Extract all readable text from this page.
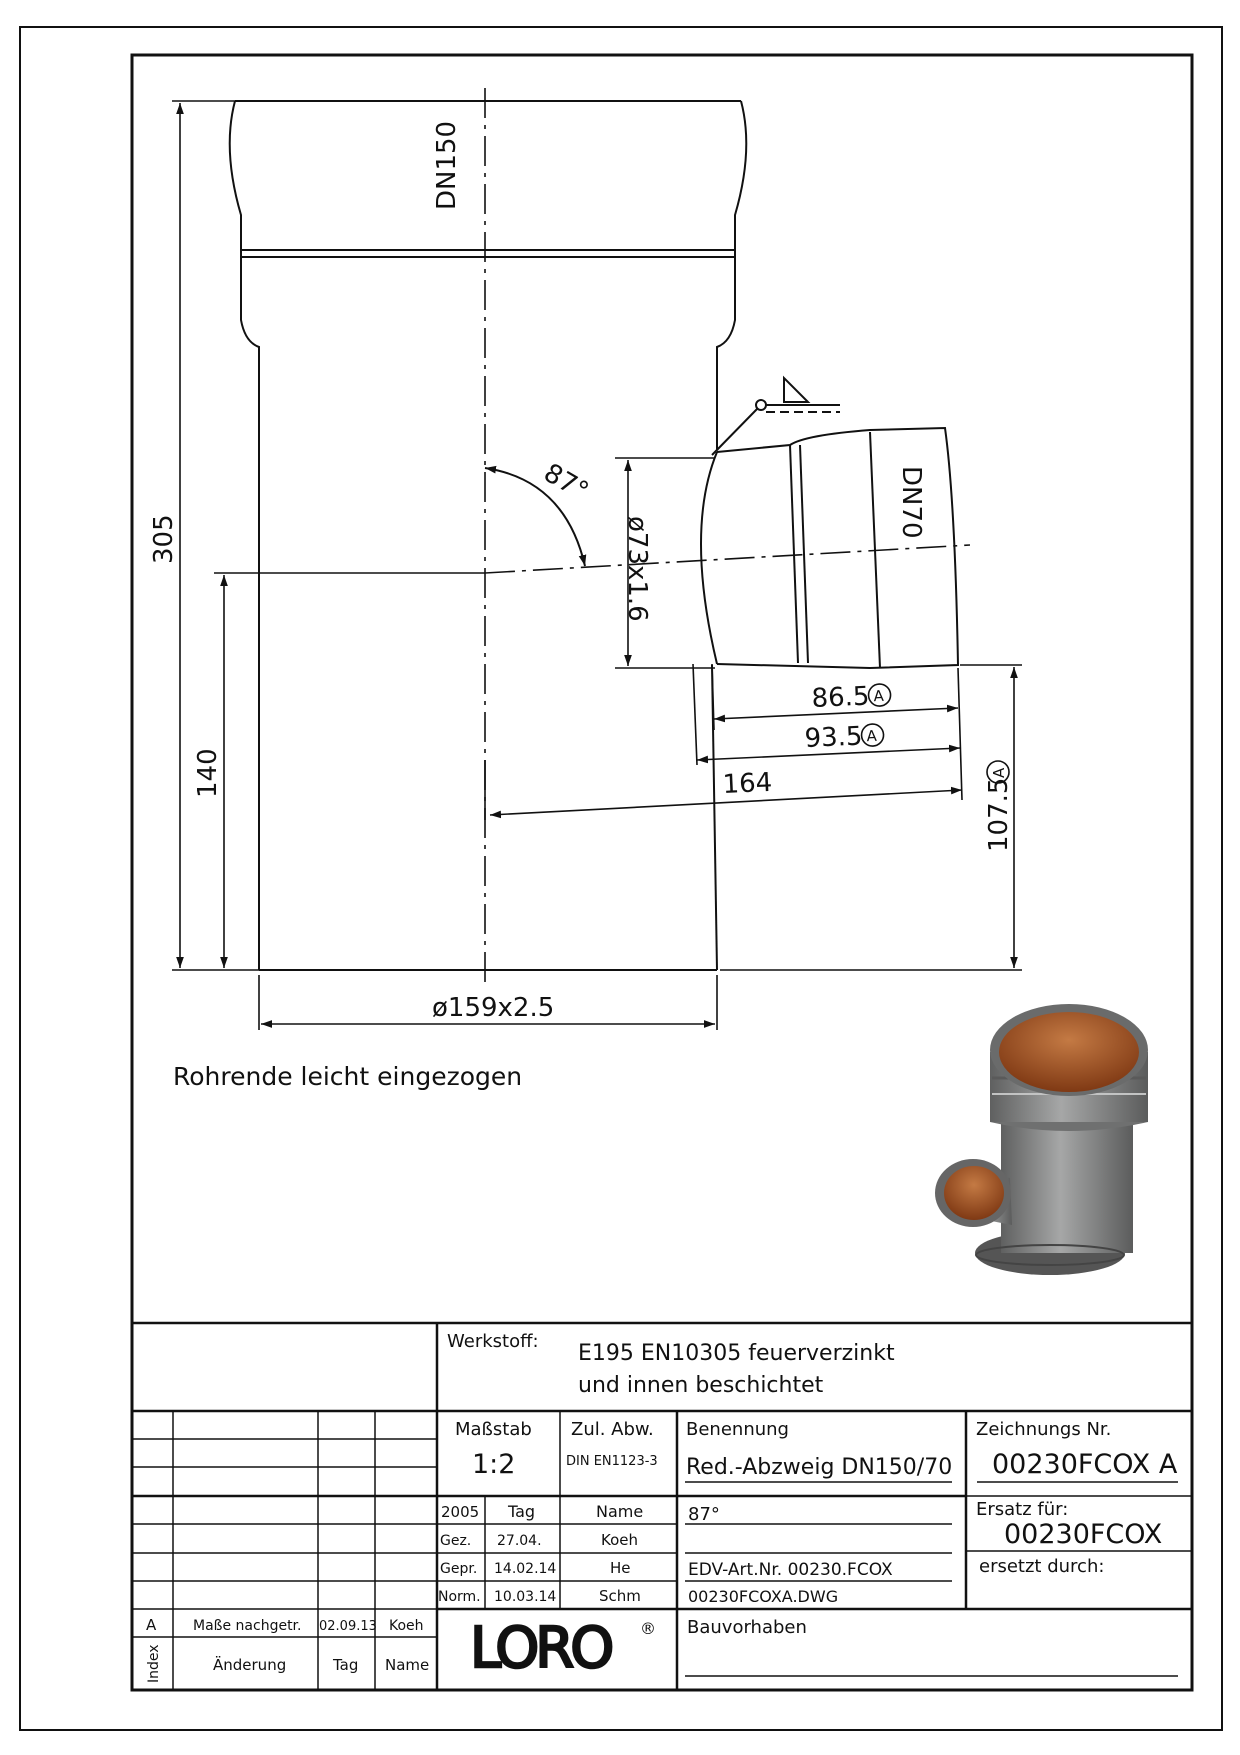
DN150
DN70
87°
ø73x1.6
305
140
ø159x2.5
86.5 A
93.5 A
164	107.5
A
Rohrende leicht eingezogen
Werkstoff: E195 EN10305 feuerverzinkt
und innen beschichtet
Maßstab
1:2
Zul. Abw.
DIN EN1123-3
Benennung
Red.-Abzweig DN150/70
Zeichnungs Nr.
00230FCOX A
2005 Tag	Name
Gez. 27.04.	Koeh
Gepr. 14.02.14	He
Norm. 10.03.14	Schm
87°
EDV-Art.Nr. 00230.FCOX
00230FCOXA.DWG
Ersatz für:
00230FCOX
ersetzt durch:
LORO ® Bauvorhaben
A	Maße nachgetr. 02.09.13 Koeh
Index	Änderung	Tag Name
